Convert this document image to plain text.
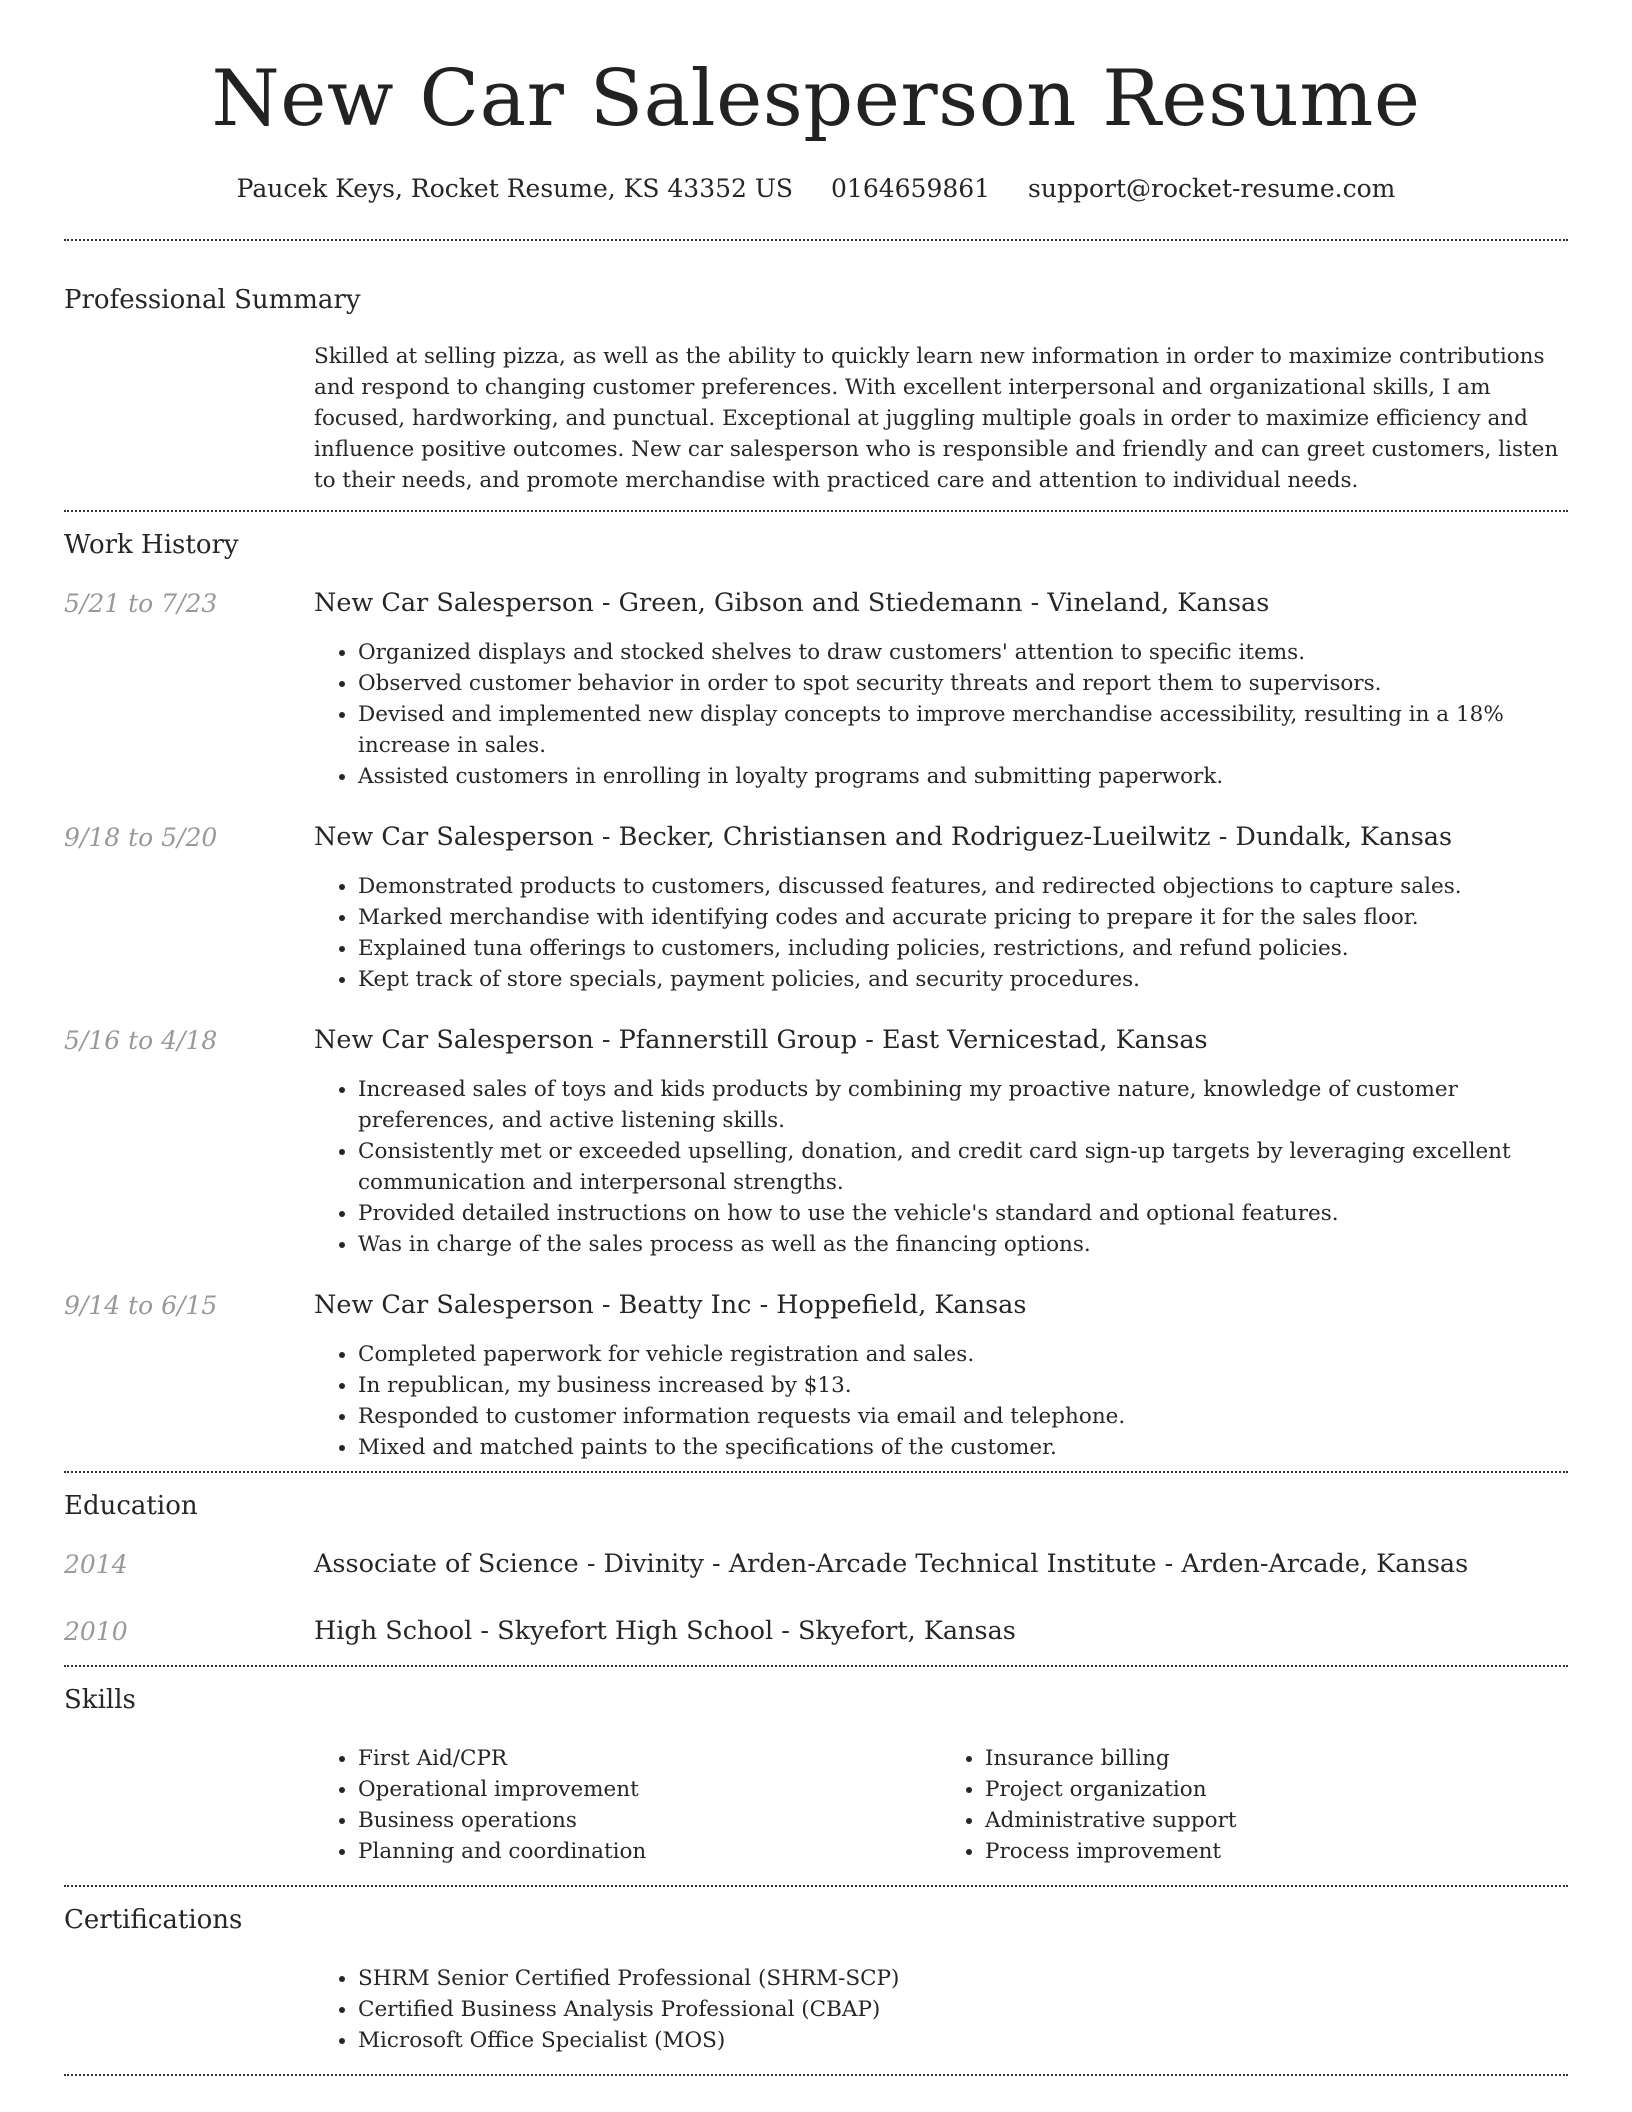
New Car Salesperson Resume
Paucek Keys, Rocket Resume, KS 43352 US 0164659861 support@rocket-resume.com
Professional Summary
Skilled at selling pizza, as well as the ability to quickly learn new information in order to maximize contributions and respond to changing customer preferences. With excellent interpersonal and organizational skills, I am focused, hardworking, and punctual. Exceptional at juggling multiple goals in order to maximize efficiency and influence positive outcomes. New car salesperson who is responsible and friendly and can greet customers, listen to their needs, and promote merchandise with practiced care and attention to individual needs.
Work History
5/21 to 7/23	New Car Salesperson - Green, Gibson and Stiedemann - Vineland, Kansas
• Organized displays and stocked shelves to draw customers' attention to specific items.
• Observed customer behavior in order to spot security threats and report them to supervisors.
• Devised and implemented new display concepts to improve merchandise accessibility, resulting in a 18% increase in sales.
• Assisted customers in enrolling in loyalty programs and submitting paperwork.
9/18 to 5/20	New Car Salesperson - Becker, Christiansen and Rodriguez-Lueilwitz - Dundalk, Kansas
• Demonstrated products to customers, discussed features, and redirected objections to capture sales.
• Marked merchandise with identifying codes and accurate pricing to prepare it for the sales floor.
• Explained tuna offerings to customers, including policies, restrictions, and refund policies.
• Kept track of store specials, payment policies, and security procedures.
5/16 to 4/18	New Car Salesperson - Pfannerstill Group - East Vernicestad, Kansas
• Increased sales of toys and kids products by combining my proactive nature, knowledge of customer preferences, and active listening skills.
• Consistently met or exceeded upselling, donation, and credit card sign-up targets by leveraging excellent communication and interpersonal strengths.
• Provided detailed instructions on how to use the vehicle's standard and optional features.
• Was in charge of the sales process as well as the financing options.
9/14 to 6/15	New Car Salesperson - Beatty Inc - Hoppefield, Kansas
• Completed paperwork for vehicle registration and sales.
• In republican, my business increased by $13.
• Responded to customer information requests via email and telephone.
• Mixed and matched paints to the specifications of the customer.
Education
2014	Associate of Science - Divinity - Arden-Arcade Technical Institute - Arden-Arcade, Kansas
2010	High School - Skyefort High School - Skyefort, Kansas
Skills
• First Aid/CPR
• Operational improvement
• Business operations
• Planning and coordination
• Insurance billing
• Project organization
• Administrative support
• Process improvement
Certifications
• SHRM Senior Certified Professional (SHRM-SCP)
• Certified Business Analysis Professional (CBAP)
• Microsoft Office Specialist (MOS)
